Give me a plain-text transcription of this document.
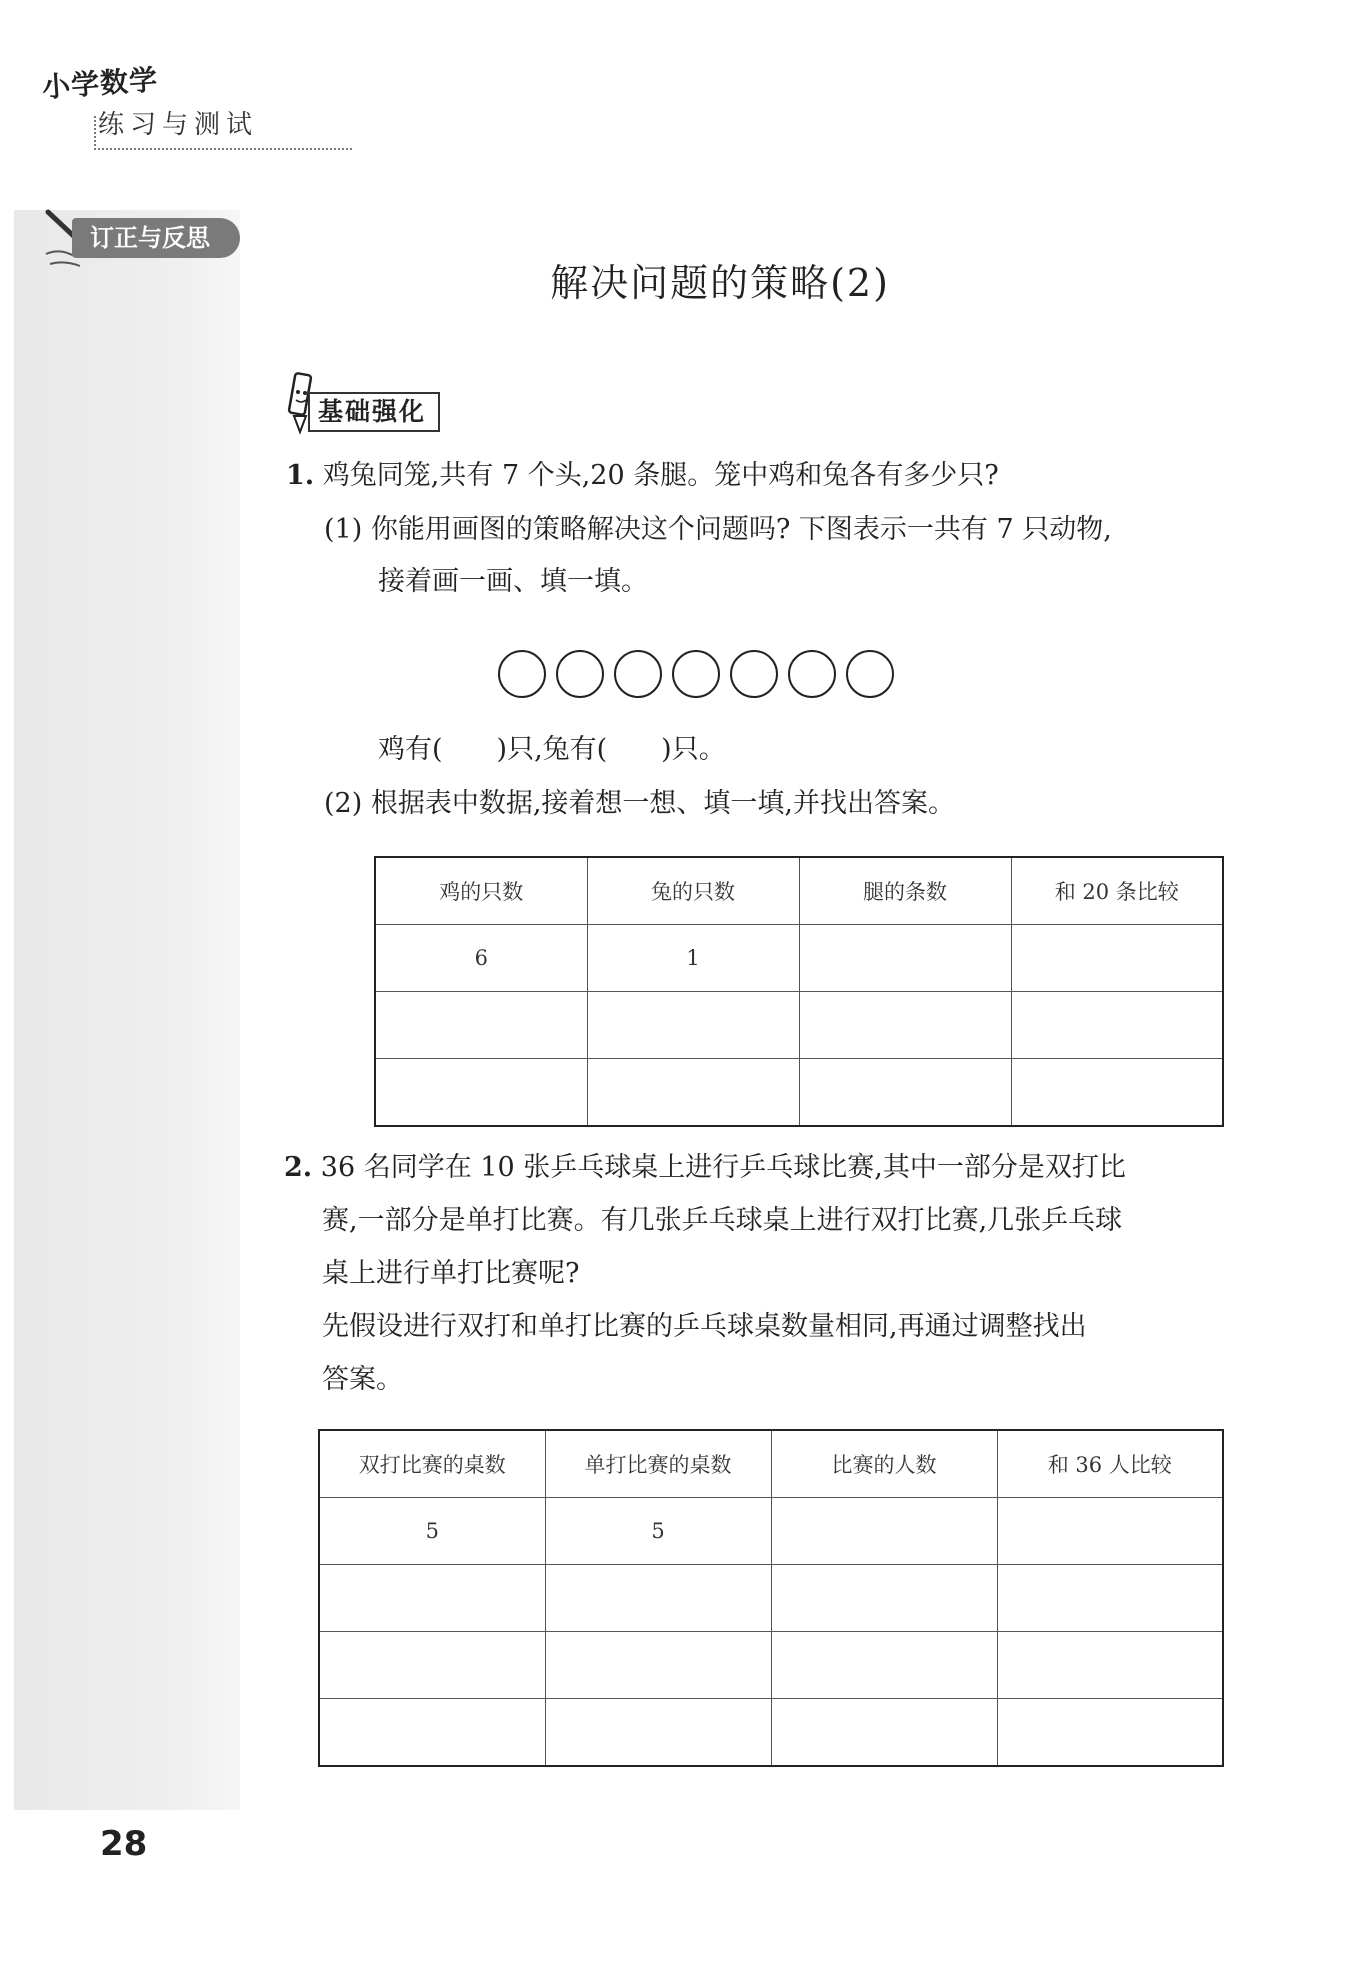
小学数学
练习与测试
订正与反思
解决问题的策略(2)
基础强化
1. 鸡兔同笼,共有 7 个头,20 条腿。笼中鸡和兔各有多少只?
(1) 你能用画图的策略解决这个问题吗? 下图表示一共有 7 只动物,
接着画一画、填一填。
鸡有(　　)只,兔有(　　)只。
(2) 根据表中数据,接着想一想、填一填,并找出答案。
鸡的只数	兔的只数	腿的条数	和 20 条比较
6	1		

2. 36 名同学在 10 张乒乓球桌上进行乒乓球比赛,其中一部分是双打比
赛,一部分是单打比赛。有几张乒乓球桌上进行双打比赛,几张乒乓球
桌上进行单打比赛呢?
先假设进行双打和单打比赛的乒乓球桌数量相同,再通过调整找出
答案。
双打比赛的桌数	单打比赛的桌数	比赛的人数	和 36 人比较
5	5		

28
